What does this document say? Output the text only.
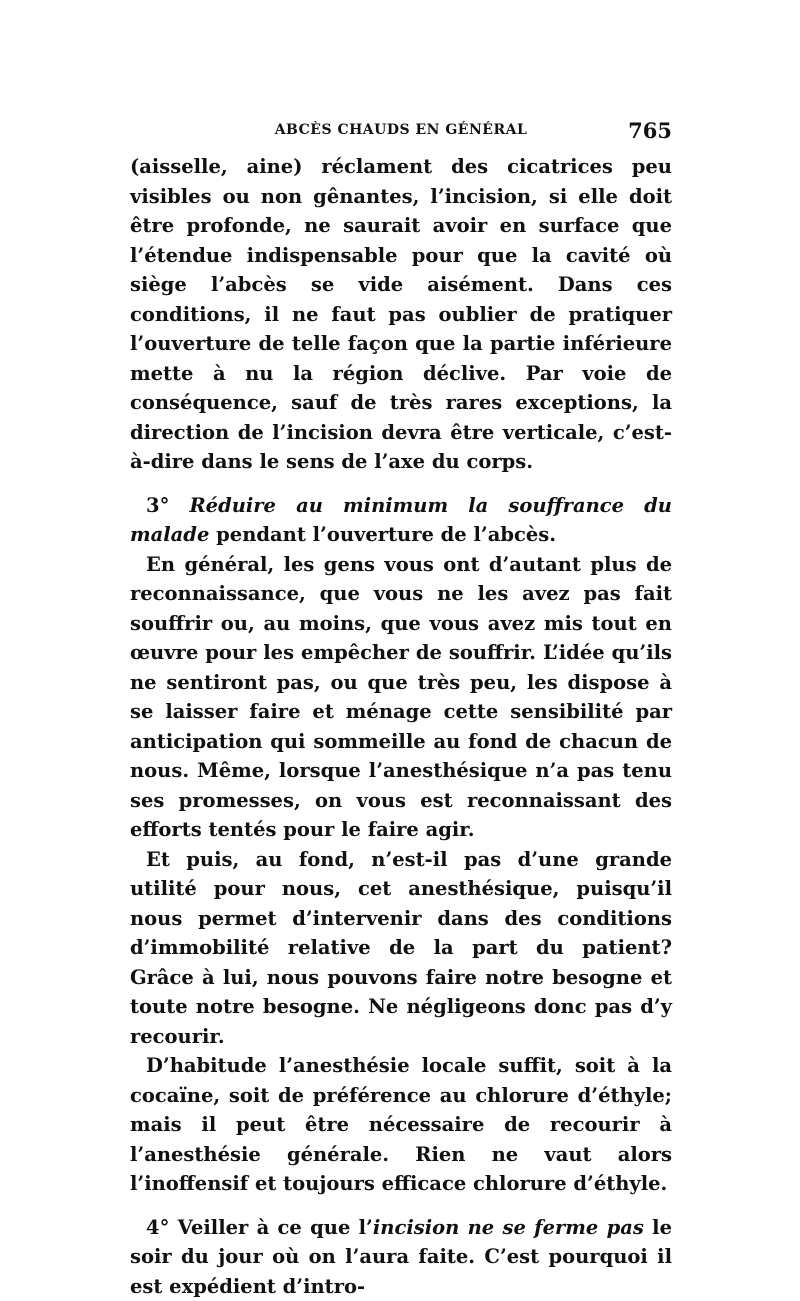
ABCÈS CHAUDS EN GÉNÉRAL	765

(aisselle, aine) réclament des cicatrices peu visibles ou non gênantes, l’incision, si elle doit être profonde, ne saurait avoir en surface que l’étendue indispensable pour que la cavité où siège l’abcès se vide aisément. Dans ces conditions, il ne faut pas oublier de pratiquer l’ouverture de telle façon que la partie inférieure mette à nu la région déclive. Par voie de conséquence, sauf de très rares exceptions, la direction de l’incision devra être verticale, c’est-à-dire dans le sens de l’axe du corps.

3° Réduire au minimum la souffrance du malade pendant l’ouverture de l’abcès.

En général, les gens vous ont d’autant plus de reconnaissance, que vous ne les avez pas fait souffrir ou, au moins, que vous avez mis tout en œuvre pour les empêcher de souffrir. L’idée qu’ils ne sentiront pas, ou que très peu, les dispose à se laisser faire et ménage cette sensibilité par anticipation qui sommeille au fond de chacun de nous. Même, lorsque l’anesthésique n’a pas tenu ses promesses, on vous est reconnaissant des efforts tentés pour le faire agir.

Et puis, au fond, n’est-il pas d’une grande utilité pour nous, cet anesthésique, puisqu’il nous permet d’intervenir dans des conditions d’immobilité relative de la part du patient? Grâce à lui, nous pouvons faire notre besogne et toute notre besogne. Ne négligeons donc pas d’y recourir.

D’habitude l’anesthésie locale suffit, soit à la cocaïne, soit de préférence au chlorure d’éthyle; mais il peut être nécessaire de recourir à l’anesthésie générale. Rien ne vaut alors l’inoffensif et toujours efficace chlorure d’éthyle.

4° Veiller à ce que l’incision ne se ferme pas le soir du jour où on l’aura faite. C’est pourquoi il est expédient d’intro-
